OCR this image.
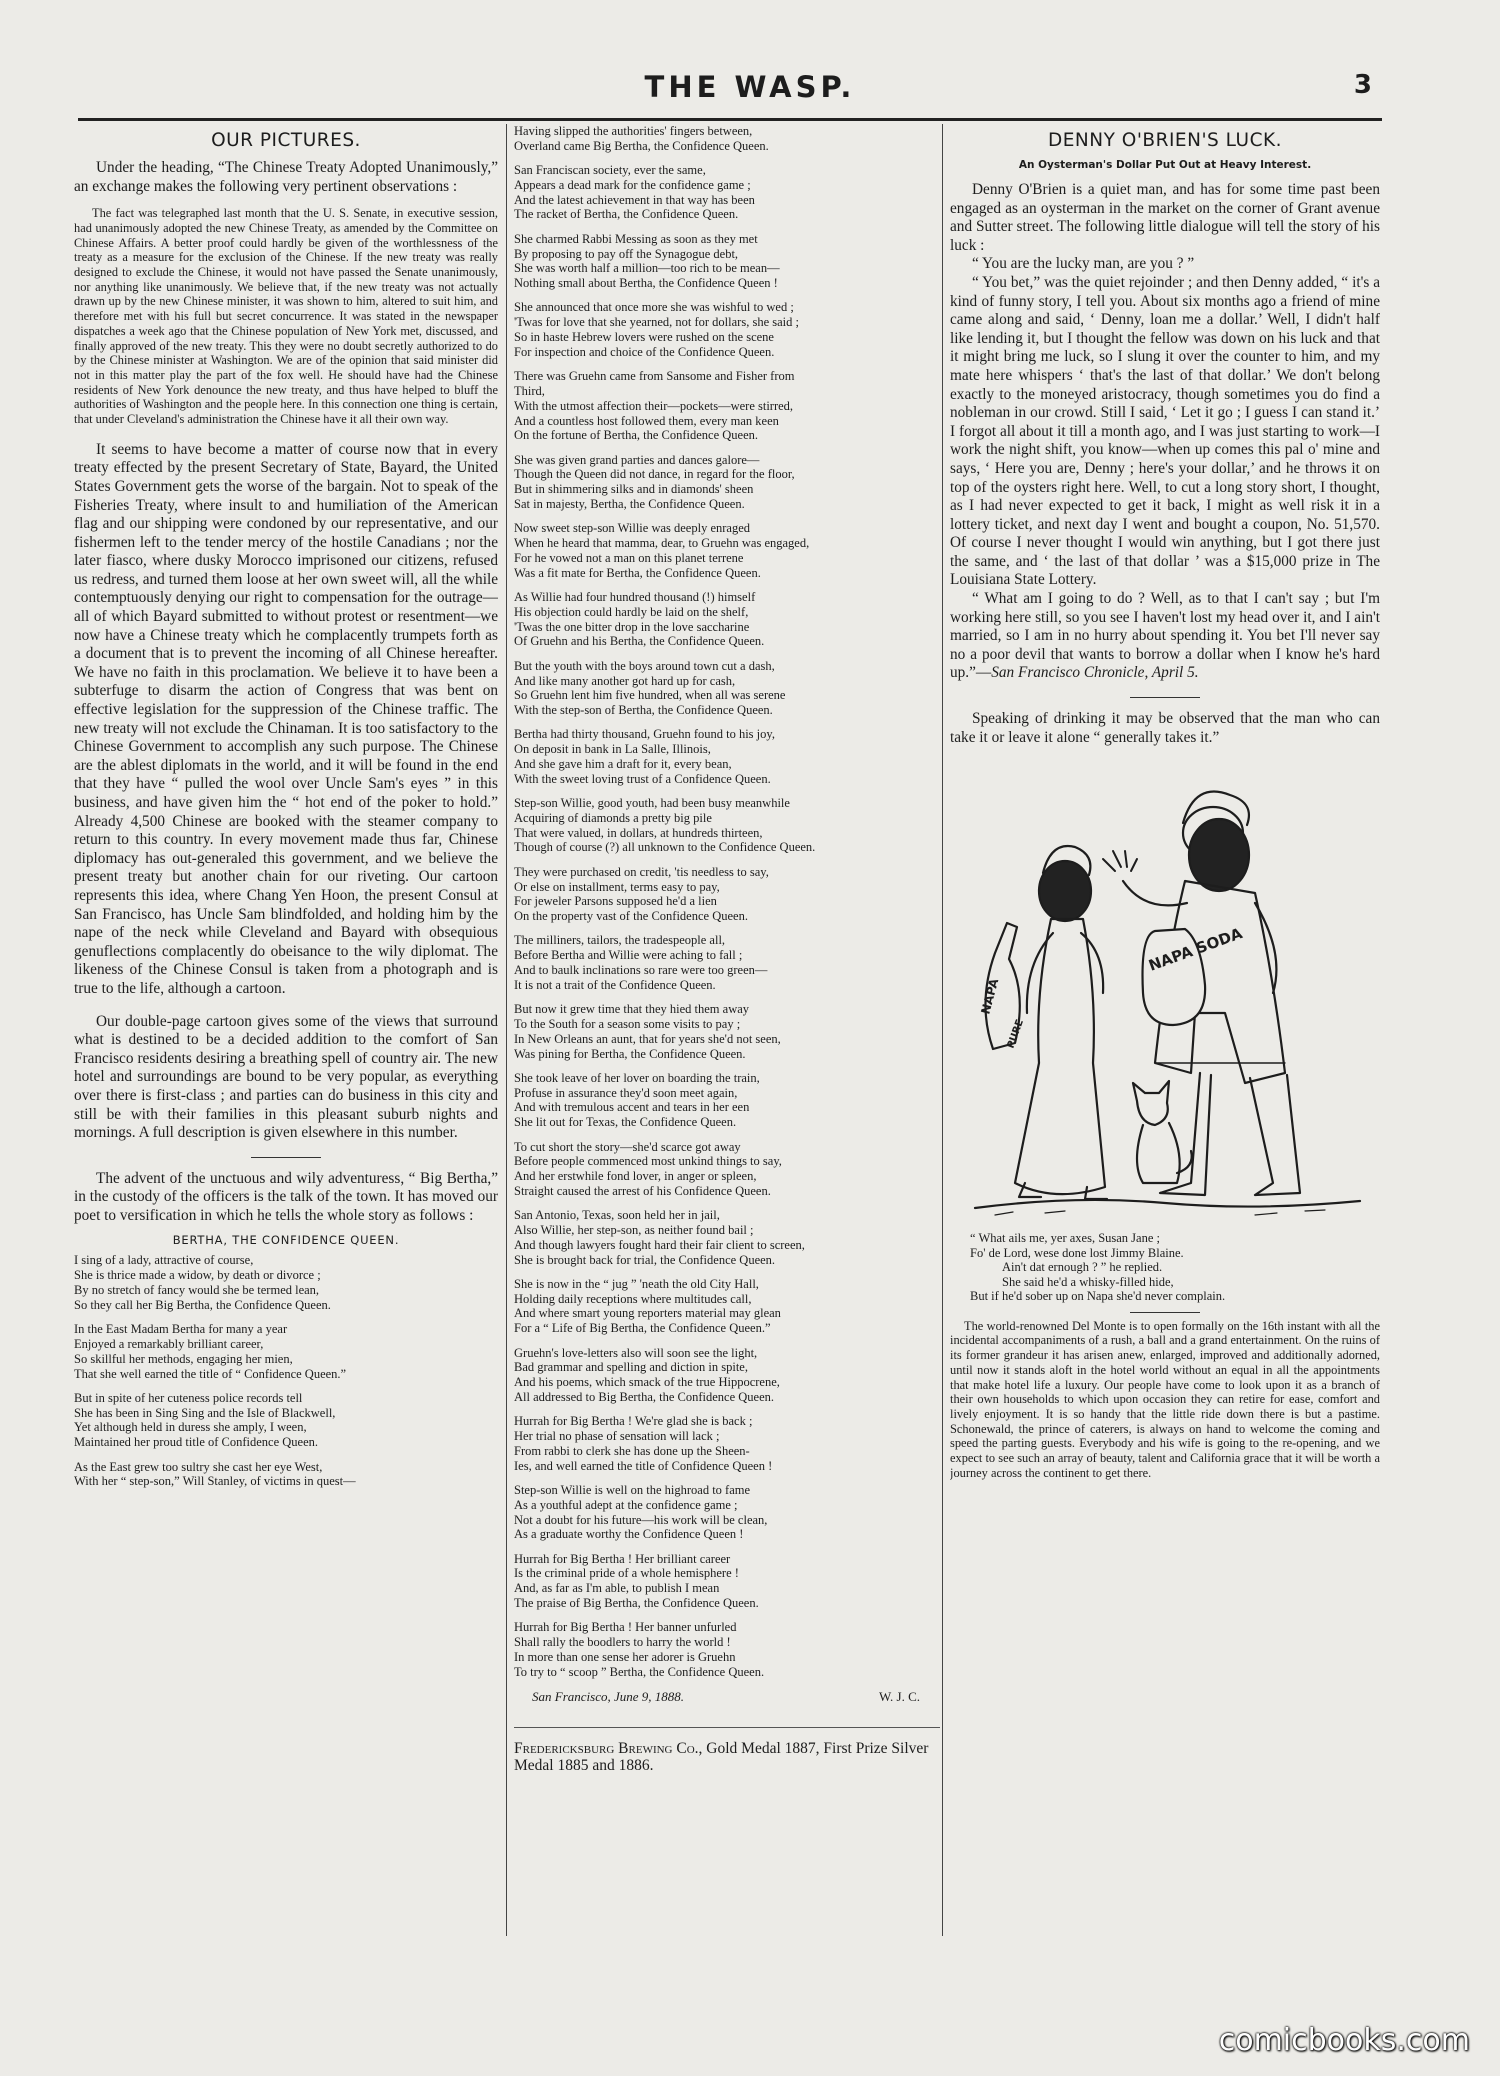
THE WASP.	3
OUR PICTURES.

Under the heading, “The Chinese Treaty Adopted Unanimously,” an exchange makes the following very pertinent observations :

The fact was telegraphed last month that the U. S. Senate, in executive session, had unanimously adopted the new Chinese Treaty, as amended by the Committee on Chinese Affairs. A better proof could hardly be given of the worthlessness of the treaty as a measure for the exclusion of the Chinese. If the new treaty was really designed to exclude the Chinese, it would not have passed the Senate unanimously, nor anything like unanimously. We believe that, if the new treaty was not actually drawn up by the new Chinese minister, it was shown to him, altered to suit him, and therefore met with his full but secret concurrence. It was stated in the newspaper dispatches a week ago that the Chinese population of New York met, discussed, and finally approved of the new treaty. This they were no doubt secretly authorized to do by the Chinese minister at Washington. We are of the opinion that said minister did not in this matter play the part of the fox well. He should have had the Chinese residents of New York denounce the new treaty, and thus have helped to bluff the authorities of Washington and the people here. In this connection one thing is certain, that under Cleveland's administration the Chinese have it all their own way.

It seems to have become a matter of course now that in every treaty effected by the present Secretary of State, Bayard, the United States Government gets the worse of the bargain. Not to speak of the Fisheries Treaty, where insult to and humiliation of the American flag and our shipping were condoned by our representative, and our fishermen left to the tender mercy of the hostile Canadians ; nor the later fiasco, where dusky Morocco imprisoned our citizens, refused us redress, and turned them loose at her own sweet will, all the while contemptuously denying our right to compensation for the outrage—all of which Bayard submitted to without protest or resentment—we now have a Chinese treaty which he complacently trumpets forth as a document that is to prevent the incoming of all Chinese hereafter. We have no faith in this proclamation. We believe it to have been a subterfuge to disarm the action of Congress that was bent on effective legislation for the suppression of the Chinese traffic. The new treaty will not exclude the Chinaman. It is too satisfactory to the Chinese Government to accomplish any such purpose. The Chinese are the ablest diplomats in the world, and it will be found in the end that they have “ pulled the wool over Uncle Sam's eyes ” in this business, and have given him the “ hot end of the poker to hold.” Already 4,500 Chinese are booked with the steamer company to return to this country. In every movement made thus far, Chinese diplomacy has out-generaled this government, and we believe the present treaty but another chain for our riveting. Our cartoon represents this idea, where Chang Yen Hoon, the present Consul at San Francisco, has Uncle Sam blindfolded, and holding him by the nape of the neck while Cleveland and Bayard with obsequious genuflections complacently do obeisance to the wily diplomat. The likeness of the Chinese Consul is taken from a photograph and is true to the life, although a cartoon.

Our double-page cartoon gives some of the views that surround what is destined to be a decided addition to the comfort of San Francisco residents desiring a breathing spell of country air. The new hotel and surroundings are bound to be very popular, as everything over there is first-class ; and parties can do business in this city and still be with their families in this pleasant suburb nights and mornings. A full description is given elsewhere in this number.

The advent of the unctuous and wily adventuress, “ Big Bertha,” in the custody of the officers is the talk of the town. It has moved our poet to versification in which he tells the whole story as follows :

BERTHA, THE CONFIDENCE QUEEN.
I sing of a lady, attractive of course,
She is thrice made a widow, by death or divorce ;
By no stretch of fancy would she be termed lean,
So they call her Big Bertha, the Confidence Queen.
In the East Madam Bertha for many a year
Enjoyed a remarkably brilliant career,
So skillful her methods, engaging her mien,
That she well earned the title of “ Confidence Queen.”
But in spite of her cuteness police records tell
She has been in Sing Sing and the Isle of Blackwell,
Yet although held in duress she amply, I ween,
Maintained her proud title of Confidence Queen.
As the East grew too sultry she cast her eye West,
With her “ step-son,” Will Stanley, of victims in quest—
Having slipped the authorities' fingers between,
Overland came Big Bertha, the Confidence Queen.
San Franciscan society, ever the same,
Appears a dead mark for the confidence game ;
And the latest achievement in that way has been
The racket of Bertha, the Confidence Queen.
She charmed Rabbi Messing as soon as they met
By proposing to pay off the Synagogue debt,
She was worth half a million—too rich to be mean—
Nothing small about Bertha, the Confidence Queen !
She announced that once more she was wishful to wed ;
'Twas for love that she yearned, not for dollars, she said ;
So in haste Hebrew lovers were rushed on the scene
For inspection and choice of the Confidence Queen.
There was Gruehn came from Sansome and Fisher from
Third,
With the utmost affection their—pockets—were stirred,
And a countless host followed them, every man keen
On the fortune of Bertha, the Confidence Queen.
She was given grand parties and dances galore—
Though the Queen did not dance, in regard for the floor,
But in shimmering silks and in diamonds' sheen
Sat in majesty, Bertha, the Confidence Queen.
Now sweet step-son Willie was deeply enraged
When he heard that mamma, dear, to Gruehn was engaged,
For he vowed not a man on this planet terrene
Was a fit mate for Bertha, the Confidence Queen.
As Willie had four hundred thousand (!) himself
His objection could hardly be laid on the shelf,
'Twas the one bitter drop in the love saccharine
Of Gruehn and his Bertha, the Confidence Queen.
But the youth with the boys around town cut a dash,
And like many another got hard up for cash,
So Gruehn lent him five hundred, when all was serene
With the step-son of Bertha, the Confidence Queen.
Bertha had thirty thousand, Gruehn found to his joy,
On deposit in bank in La Salle, Illinois,
And she gave him a draft for it, every bean,
With the sweet loving trust of a Confidence Queen.
Step-son Willie, good youth, had been busy meanwhile
Acquiring of diamonds a pretty big pile
That were valued, in dollars, at hundreds thirteen,
Though of course (?) all unknown to the Confidence Queen.
They were purchased on credit, 'tis needless to say,
Or else on installment, terms easy to pay,
For jeweler Parsons supposed he'd a lien
On the property vast of the Confidence Queen.
The milliners, tailors, the tradespeople all,
Before Bertha and Willie were aching to fall ;
And to baulk inclinations so rare were too green—
It is not a trait of the Confidence Queen.
But now it grew time that they hied them away
To the South for a season some visits to pay ;
In New Orleans an aunt, that for years she'd not seen,
Was pining for Bertha, the Confidence Queen.
She took leave of her lover on boarding the train,
Profuse in assurance they'd soon meet again,
And with tremulous accent and tears in her een
She lit out for Texas, the Confidence Queen.
To cut short the story—she'd scarce got away
Before people commenced most unkind things to say,
And her erstwhile fond lover, in anger or spleen,
Straight caused the arrest of his Confidence Queen.
San Antonio, Texas, soon held her in jail,
Also Willie, her step-son, as neither found bail ;
And though lawyers fought hard their fair client to screen,
She is brought back for trial, the Confidence Queen.
She is now in the “ jug ” 'neath the old City Hall,
Holding daily receptions where multitudes call,
And where smart young reporters material may glean
For a “ Life of Big Bertha, the Confidence Queen.”
Gruehn's love-letters also will soon see the light,
Bad grammar and spelling and diction in spite,
And his poems, which smack of the true Hippocrene,
All addressed to Big Bertha, the Confidence Queen.
Hurrah for Big Bertha ! We're glad she is back ;
Her trial no phase of sensation will lack ;
From rabbi to clerk she has done up the Sheen-
Ies, and well earned the title of Confidence Queen !
Step-son Willie is well on the highroad to fame
As a youthful adept at the confidence game ;
Not a doubt for his future—his work will be clean,
As a graduate worthy the Confidence Queen !
Hurrah for Big Bertha ! Her brilliant career
Is the criminal pride of a whole hemisphere !
And, as far as I'm able, to publish I mean
The praise of Big Bertha, the Confidence Queen.
Hurrah for Big Bertha ! Her banner unfurled
Shall rally the boodlers to harry the world !
In more than one sense her adorer is Gruehn
To try to “ scoop ” Bertha, the Confidence Queen.
San Francisco, June 9, 1888.	W. J. C.
Fredericksburg Brewing Co., Gold Medal 1887, First Prize Silver Medal 1885 and 1886.
DENNY O'BRIEN'S LUCK.
An Oysterman's Dollar Put Out at Heavy Interest.

Denny O'Brien is a quiet man, and has for some time past been engaged as an oysterman in the market on the corner of Grant avenue and Sutter street. The following little dialogue will tell the story of his luck :

“ You are the lucky man, are you ? ”

“ You bet,” was the quiet rejoinder ; and then Denny added, “ it's a kind of funny story, I tell you. About six months ago a friend of mine came along and said, ‘ Denny, loan me a dollar.’ Well, I didn't half like lending it, but I thought the fellow was down on his luck and that it might bring me luck, so I slung it over the counter to him, and my mate here whispers ‘ that's the last of that dollar.’ We don't belong exactly to the moneyed aristocracy, though sometimes you do find a nobleman in our crowd. Still I said, ‘ Let it go ; I guess I can stand it.’ I forgot all about it till a month ago, and I was just starting to work—I work the night shift, you know—when up comes this pal o' mine and says, ‘ Here you are, Denny ; here's your dollar,’ and he throws it on top of the oysters right here. Well, to cut a long story short, I thought, as I had never expected to get it back, I might as well risk it in a lottery ticket, and next day I went and bought a coupon, No. 51,570. Of course I never thought I would win anything, but I got there just the same, and ‘ the last of that dollar ’ was a $15,000 prize in The Louisiana State Lottery.

“ What am I going to do ? Well, as to that I can't say ; but I'm working here still, so you see I haven't lost my head over it, and I ain't married, so I am in no hurry about spending it. You bet I'll never say no a poor devil that wants to borrow a dollar when I know he's hard up.”—San Francisco Chronicle, April 5.

Speaking of drinking it may be observed that the man who can take it or leave it alone “ generally takes it.”

NAPA SODA
NAPA
PURE
“ What ails me, yer axes, Susan Jane ;
Fo' de Lord, wese done lost Jimmy Blaine.
Ain't dat ernough ? ” he replied.
She said he'd a whisky-filled hide,
But if he'd sober up on Napa she'd never complain.

The world-renowned Del Monte is to open formally on the 16th instant with all the incidental accompaniments of a rush, a ball and a grand entertainment. On the ruins of its former grandeur it has arisen anew, enlarged, improved and additionally adorned, until now it stands aloft in the hotel world without an equal in all the appointments that make hotel life a luxury. Our people have come to look upon it as a branch of their own households to which upon occasion they can retire for ease, comfort and lively enjoyment. It is so handy that the little ride down there is but a pastime. Schonewald, the prince of caterers, is always on hand to welcome the coming and speed the parting guests. Everybody and his wife is going to the re-opening, and we expect to see such an array of beauty, talent and California grace that it will be worth a journey across the continent to get there.

comicbooks.com
